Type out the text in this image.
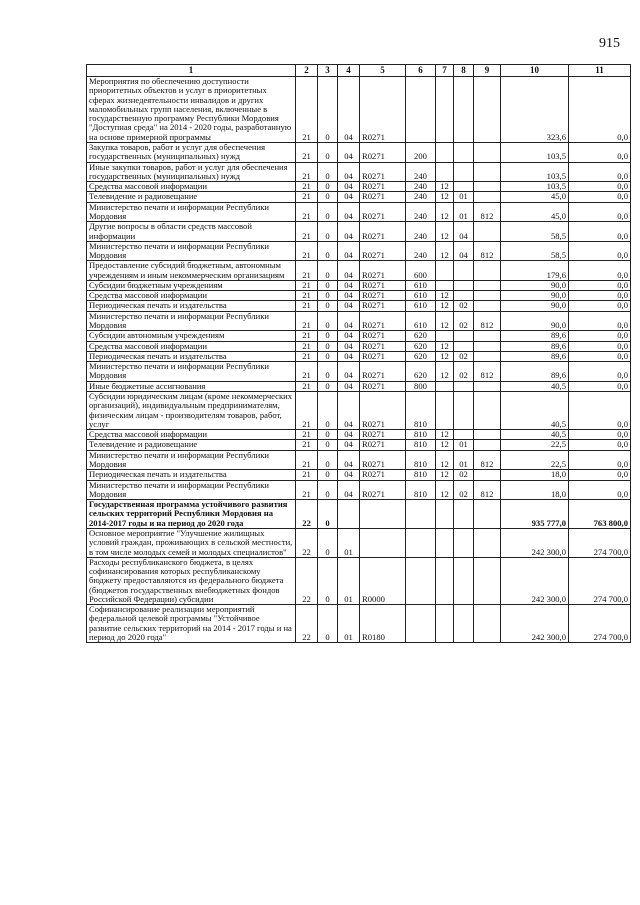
915
1	2	3	4	5	6	7	8	9	10	11
Мероприятия по обеспечению доступности приоритетных объектов и услуг в приоритетных сферах жизнедеятельности инвалидов и других маломобильных групп населения, включенные в государственную программу Республики Мордовия "Доступная среда" на 2014 - 2020 годы, разработанную на основе примерной программы	21	0	04	R0271					323,6	0,0
Закупка товаров, работ и услуг для обеспечения государственных (муниципальных) нужд	21	0	04	R0271	200				103,5	0,0
Иные закупки товаров, работ и услуг для обеспечения государственных (муниципальных) нужд	21	0	04	R0271	240				103,5	0,0
Средства массовой информации	21	0	04	R0271	240	12			103,5	0,0
Телевидение и радиовещание	21	0	04	R0271	240	12	01		45,0	0,0
Министерство печати и информации Республики Мордовия	21	0	04	R0271	240	12	01	812	45,0	0,0
Другие вопросы в области средств массовой информации	21	0	04	R0271	240	12	04		58,5	0,0
Министерство печати и информации Республики Мордовия	21	0	04	R0271	240	12	04	812	58,5	0,0
Предоставление субсидий бюджетным, автономным учреждениям и иным некоммерческим организациям	21	0	04	R0271	600				179,6	0,0
Субсидии бюджетным учреждениям	21	0	04	R0271	610				90,0	0,0
Средства массовой информации	21	0	04	R0271	610	12			90,0	0,0
Периодическая печать и издательства	21	0	04	R0271	610	12	02		90,0	0,0
Министерство печати и информации Республики Мордовия	21	0	04	R0271	610	12	02	812	90,0	0,0
Субсидии автономным учреждениям	21	0	04	R0271	620				89,6	0,0
Средства массовой информации	21	0	04	R0271	620	12			89,6	0,0
Периодическая печать и издательства	21	0	04	R0271	620	12	02		89,6	0,0
Министерство печати и информации Республики Мордовия	21	0	04	R0271	620	12	02	812	89,6	0,0
Иные бюджетные ассигнования	21	0	04	R0271	800				40,5	0,0
Субсидии юридическим лицам (кроме некоммерческих организаций), индивидуальным предпринимателям, физическим лицам - производителям товаров, работ, услуг	21	0	04	R0271	810				40,5	0,0
Средства массовой информации	21	0	04	R0271	810	12			40,5	0,0
Телевидение и радиовещание	21	0	04	R0271	810	12	01		22,5	0,0
Министерство печати и информации Республики Мордовия	21	0	04	R0271	810	12	01	812	22,5	0,0
Периодическая печать и издательства	21	0	04	R0271	810	12	02		18,0	0,0
Министерство печати и информации Республики Мордовия	21	0	04	R0271	810	12	02	812	18,0	0,0
Государственная программа устойчивого развития сельских территорий Республики Мордовия на 2014-2017 годы и на период до 2020 года	22	0							935 777,0	763 800,0
Основное мероприятие "Улучшение жилищных условий граждан, проживающих в сельской местности, в том числе молодых семей и молодых специалистов"	22	0	01						242 300,0	274 700,0
Расходы республиканского бюджета, в целях софинансирования которых республиканскому бюджету предоставляются из федерального бюджета (бюджетов государственных внебюджетных фондов Российской Федерации) субсидии	22	0	01	R0000					242 300,0	274 700,0
Софинансирование реализации мероприятий федеральной целевой программы "Устойчивое развитие сельских территорий на 2014 - 2017 годы и на период до 2020 года"	22	0	01	R0180					242 300,0	274 700,0
